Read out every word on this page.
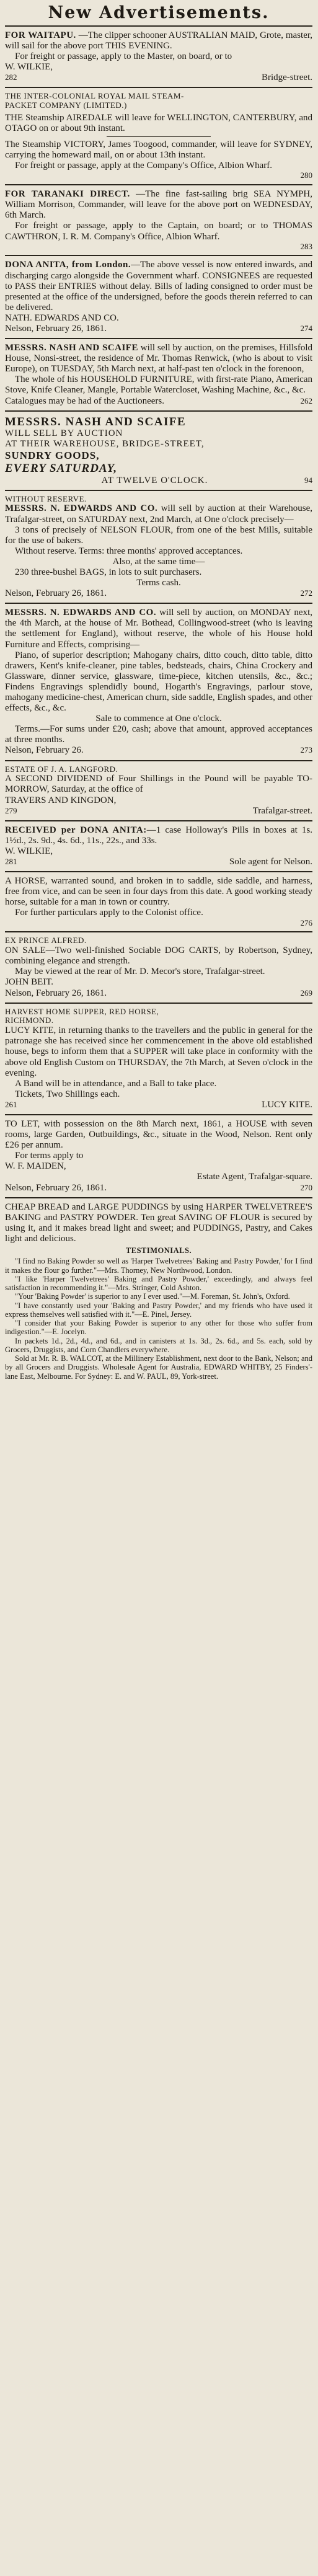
New Advertisements.

FOR WAITAPU. —The clipper schooner AUSTRALIAN MAID, Grote, master, will sail for the above port THIS EVENING.

For freight or passage, apply to the Master, on board, or to

W. WILKIE,

282	Bridge-street.

THE INTER-COLONIAL ROYAL MAIL STEAM-

PACKET COMPANY (LIMITED.)

THE Steamship AIREDALE will leave for WELLINGTON, CANTERBURY, and OTAGO on or about 9th instant.

The Steamship VICTORY, James Toogood, commander, will leave for SYDNEY, carrying the homeward mail, on or about 13th instant.

For freight or passage, apply at the Company's Office, Albion Wharf.

280

FOR TARANAKI DIRECT. —The fine fast-sailing brig SEA NYMPH, William Morrison, Commander, will leave for the above port on WEDNESDAY, 6th March.

For freight or passage, apply to the Captain, on board; or to THOMAS CAWTHRON, I. R. M. Company's Office, Albion Wharf.

283

DONA ANITA, from London.—The above vessel is now entered inwards, and discharging cargo alongside the Government wharf. CONSIGNEES are requested to PASS their ENTRIES without delay. Bills of lading consigned to order must be presented at the office of the undersigned, before the goods therein referred to can be delivered.

NATH. EDWARDS AND CO.

Nelson, February 26, 1861.	274

MESSRS. NASH AND SCAIFE will sell by auction, on the premises, Hillsfold House, Nonsi-street, the residence of Mr. Thomas Renwick, (who is about to visit Europe), on TUESDAY, 5th March next, at half-past ten o'clock in the forenoon,

The whole of his HOUSEHOLD FURNITURE, with first-rate Piano, American Stove, Knife Cleaner, Mangle, Portable Watercloset, Washing Machine, &c., &c.

Catalogues may be had of the Auctioneers.	262

MESSRS. NASH AND SCAIFE

WILL SELL BY AUCTION

AT THEIR WAREHOUSE, BRIDGE-STREET,

SUNDRY GOODS,

EVERY SATURDAY,

AT TWELVE O'CLOCK.	94

WITHOUT RESERVE.

MESSRS. N. EDWARDS AND CO. will sell by auction at their Warehouse, Trafalgar-street, on SATURDAY next, 2nd March, at One o'clock precisely—

3 tons of precisely of NELSON FLOUR, from one of the best Mills, suitable for the use of bakers.

Without reserve. Terms: three months' approved acceptances.

Also, at the same time—

230 three-bushel BAGS, in lots to suit purchasers.

Terms cash.

Nelson, February 26, 1861.	272

MESSRS. N. EDWARDS AND CO. will sell by auction, on MONDAY next, the 4th March, at the house of Mr. Bothead, Collingwood-street (who is leaving the settlement for England), without reserve, the whole of his House hold Furniture and Effects, comprising—

Piano, of superior description; Mahogany chairs, ditto couch, ditto table, ditto drawers, Kent's knife-cleaner, pine tables, bedsteads, chairs, China Crockery and Glassware, dinner service, glassware, time-piece, kitchen utensils, &c., &c.; Findens Engravings splendidly bound, Hogarth's Engravings, parlour stove, mahogany medicine-chest, American churn, side saddle, English spades, and other effects, &c., &c.

Sale to commence at One o'clock.

Terms.—For sums under £20, cash; above that amount, approved acceptances at three months.

Nelson, February 26.	273

ESTATE OF J. A. LANGFORD.

A SECOND DIVIDEND of Four Shillings in the Pound will be payable TO-MORROW, Saturday, at the office of

TRAVERS AND KINGDON,

279	Trafalgar-street.

RECEIVED per DONA ANITA:—1 case Holloway's Pills in boxes at 1s. 1½d., 2s. 9d., 4s. 6d., 11s., 22s., and 33s.

W. WILKIE,

281	Sole agent for Nelson.

A HORSE, warranted sound, and broken in to saddle, side saddle, and harness, free from vice, and can be seen in four days from this date. A good working steady horse, suitable for a man in town or country.

For further particulars apply to the Colonist office.

276

EX PRINCE ALFRED.

ON SALE—Two well-finished Sociable DOG CARTS, by Robertson, Sydney, combining elegance and strength.

May be viewed at the rear of Mr. D. Mecor's store, Trafalgar-street.

JOHN BEIT.

Nelson, February 26, 1861.	269

HARVEST HOME SUPPER, RED HORSE,

RICHMOND.

LUCY KITE, in returning thanks to the travellers and the public in general for the patronage she has received since her commencement in the above old established house, begs to inform them that a SUPPER will take place in conformity with the above old English Custom on THURSDAY, the 7th March, at Seven o'clock in the evening.

A Band will be in attendance, and a Ball to take place.

Tickets, Two Shillings each.

261	LUCY KITE.

TO LET, with possession on the 8th March next, 1861, a HOUSE with seven rooms, large Garden, Outbuildings, &c., situate in the Wood, Nelson. Rent only £26 per annum.

For terms apply to

W. F. MAIDEN,

Estate Agent, Trafalgar-square.

Nelson, February 26, 1861.	270

CHEAP BREAD and LARGE PUDDINGS by using HARPER TWELVETREE'S BAKING and PASTRY POWDER. Ten great SAVING OF FLOUR is secured by using it, and it makes bread light and sweet; and PUDDINGS, Pastry, and Cakes light and delicious.

TESTIMONIALS.

"I find no Baking Powder so well as 'Harper Twelvetrees' Baking and Pastry Powder,' for I find it makes the flour go further."—Mrs. Thorney, New Northwood, London.

"I like 'Harper Twelvetrees' Baking and Pastry Powder,' exceedingly, and always feel satisfaction in recommending it."—Mrs. Stringer, Cold Ashton.

"Your 'Baking Powder' is superior to any I ever used."—M. Foreman, St. John's, Oxford.

"I have constantly used your 'Baking and Pastry Powder,' and my friends who have used it express themselves well satisfied with it."—E. Pinel, Jersey.

"I consider that your Baking Powder is superior to any other for those who suffer from indigestion."—E. Jocelyn.

In packets 1d., 2d., 4d., and 6d., and in canisters at 1s. 3d., 2s. 6d., and 5s. each, sold by Grocers, Druggists, and Corn Chandlers everywhere.

Sold at Mr. R. B. WALCOT, at the Millinery Establishment, next door to the Bank, Nelson; and by all Grocers and Druggists. Wholesale Agent for Australia, EDWARD WHITBY, 25 Finders'-lane East, Melbourne. For Sydney: E. and W. PAUL, 89, York-street.
